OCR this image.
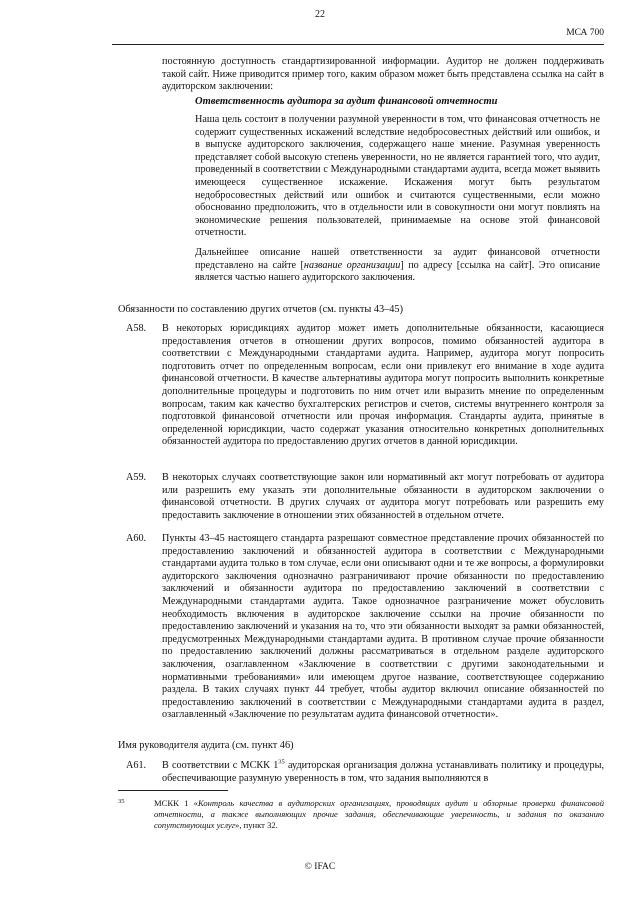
22
МСА 700

постоянную доступность стандартизированной информации. Аудитор не должен поддерживать такой сайт. Ниже приводится пример того, каким образом может быть представлена ссылка на сайт в аудиторском заключении:

Ответственность аудитора за аудит финансовой отчетности

Наша цель состоит в получении разумной уверенности в том, что финансовая отчетность не содержит существенных искажений вследствие недобросовестных действий или ошибок, и в выпуске аудиторского заключения, содержащего наше мнение. Разумная уверенность представляет собой высокую степень уверенности, но не является гарантией того, что аудит, проведенный в соответствии с Международными стандартами аудита, всегда может выявить имеющееся существенное искажение. Искажения могут быть результатом недобросовестных действий или ошибок и считаются существенными, если можно обоснованно предположить, что в отдельности или в совокупности они могут повлиять на экономические решения пользователей, принимаемые на основе этой финансовой отчетности.

Дальнейшее описание нашей ответственности за аудит финансовой отчетности представлено на сайте [название организации] по адресу [ссылка на сайт]. Это описание является частью нашего аудиторского заключения.

Обязанности по составлению других отчетов (см. пункты 43–45)
A58. В некоторых юрисдикциях аудитор может иметь дополнительные обязанности, касающиеся предоставления отчетов в отношении других вопросов, помимо обязанностей аудитора в соответствии с Международными стандартами аудита. Например, аудитора могут попросить подготовить отчет по определенным вопросам, если они привлекут его внимание в ходе аудита финансовой отчетности. В качестве альтернативы аудитора могут попросить выполнить конкретные дополнительные процедуры и подготовить по ним отчет или выразить мнение по определенным вопросам, таким как качество бухгалтерских регистров и счетов, системы внутреннего контроля за подготовкой финансовой отчетности или прочая информация. Стандарты аудита, принятые в определенной юрисдикции, часто содержат указания относительно конкретных дополнительных обязанностей аудитора по предоставлению других отчетов в данной юрисдикции.

A59. В некоторых случаях соответствующие закон или нормативный акт могут потребовать от аудитора или разрешить ему указать эти дополнительные обязанности в аудиторском заключении о финансовой отчетности. В других случаях от аудитора могут потребовать или разрешить ему предоставить заключение в отношении этих обязанностей в отдельном отчете.

A60. Пункты 43–45 настоящего стандарта разрешают совместное представление прочих обязанностей по предоставлению заключений и обязанностей аудитора в соответствии с Международными стандартами аудита только в том случае, если они описывают одни и те же вопросы, а формулировки аудиторского заключения однозначно разграничивают прочие обязанности по предоставлению заключений и обязанности аудитора по предоставлению заключений в соответствии с Международными стандартами аудита. Такое однозначное разграничение может обусловить необходимость включения в аудиторское заключение ссылки на прочие обязанности по предоставлению заключений и указания на то, что эти обязанности выходят за рамки обязанностей, предусмотренных Международными стандартами аудита. В противном случае прочие обязанности по предоставлению заключений должны рассматриваться в отдельном разделе аудиторского заключения, озаглавленном «Заключение в соответствии с другими законодательными и нормативными требованиями» или имеющем другое название, соответствующее содержанию раздела. В таких случаях пункт 44 требует, чтобы аудитор включил описание обязанностей по предоставлению заключений в соответствии с Международными стандартами аудита в раздел, озаглавленный «Заключение по результатам аудита финансовой отчетности».

Имя руководителя аудита (см. пункт 46)
A61. В соответствии с МСКК $1^{35}$ аудиторская организация должна устанавливать политику и процедуры, обеспечивающие разумную уверенность в том, что задания выполняются в

35	МСКК 1 «Контроль качества в аудиторских организациях, проводящих аудит и обзорные проверки финансовой отчетности, а также выполняющих прочие задания, обеспечивающие уверенность, и задания по оказанию сопутствующих услуг», пункт 32.
© IFAC
